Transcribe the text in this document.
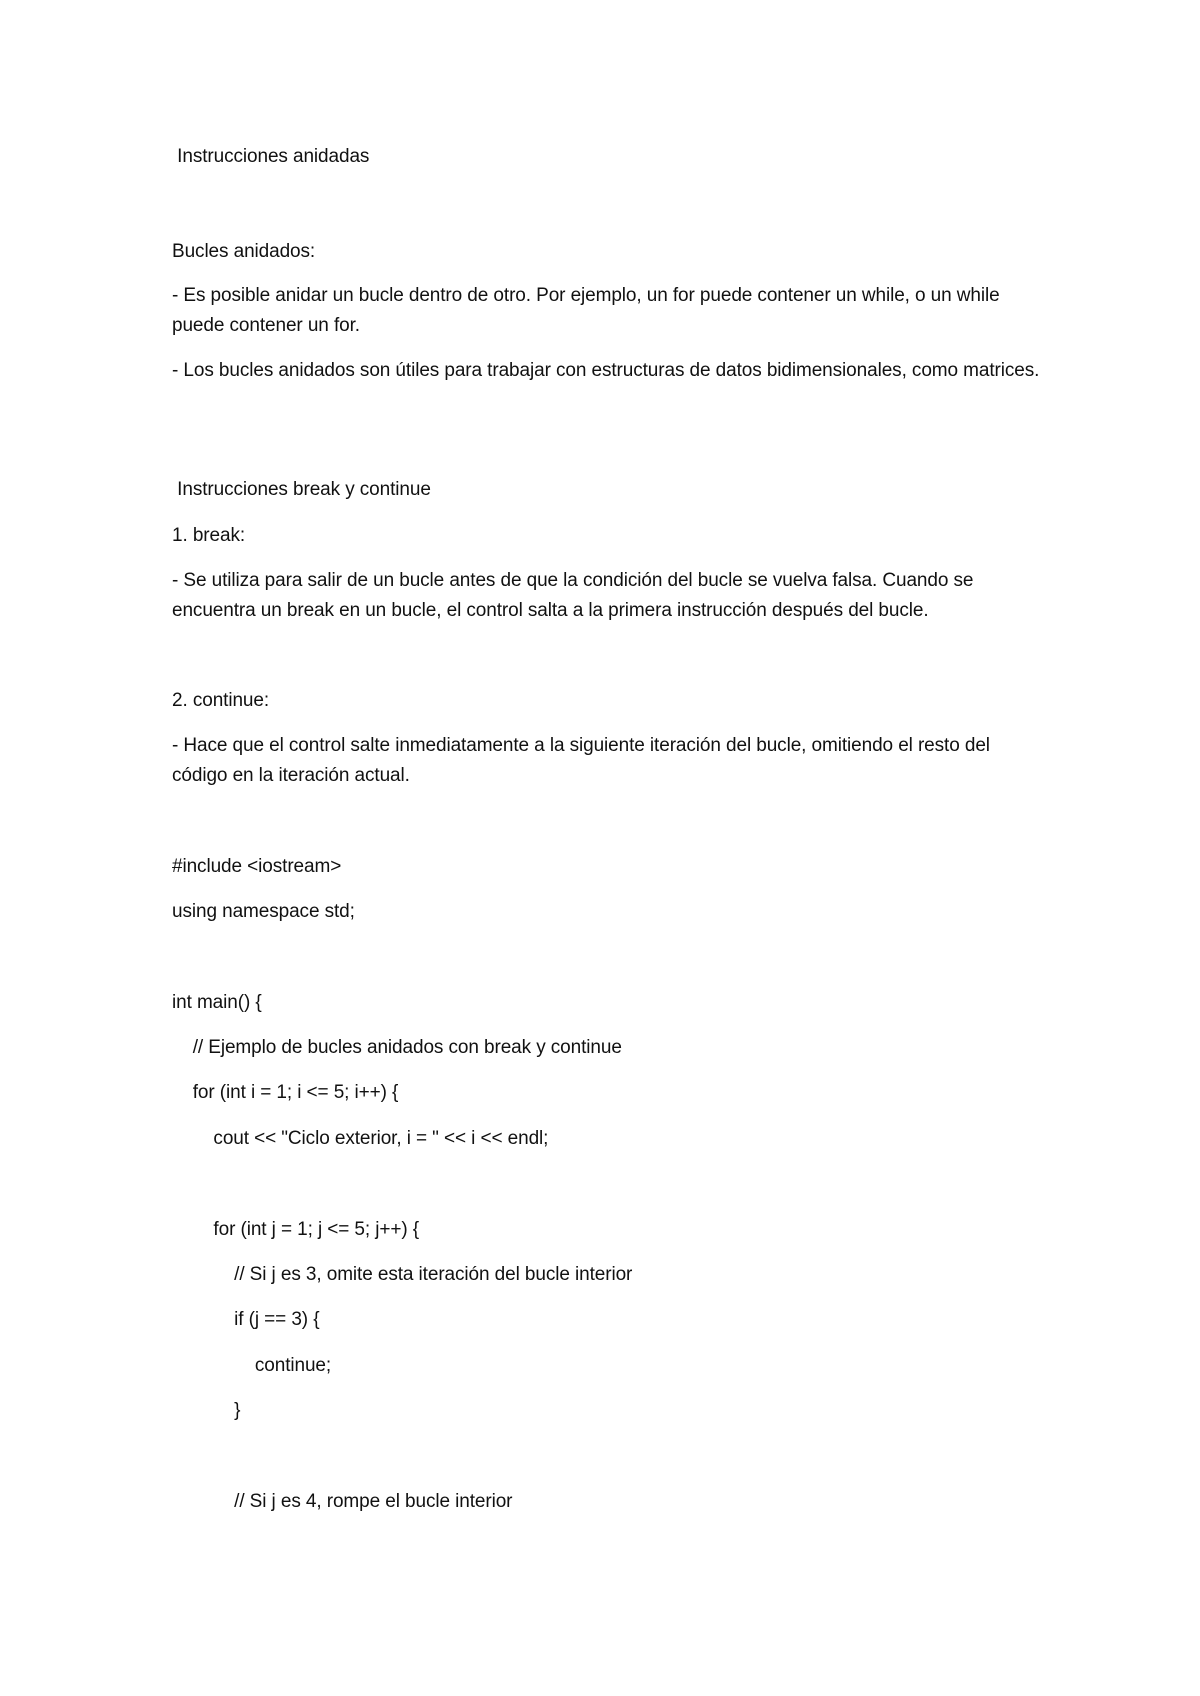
Instrucciones anidadas

Bucles anidados:

- Es posible anidar un bucle dentro de otro. Por ejemplo, un for puede contener un while, o un while puede contener un for.

- Los bucles anidados son útiles para trabajar con estructuras de datos bidimensionales, como matrices.

Instrucciones break y continue

1. break:

- Se utiliza para salir de un bucle antes de que la condición del bucle se vuelva falsa. Cuando se encuentra un break en un bucle, el control salta a la primera instrucción después del bucle.

2. continue:

- Hace que el control salte inmediatamente a la siguiente iteración del bucle, omitiendo el resto del código en la iteración actual.

#include <iostream>

using namespace std;

int main() {

// Ejemplo de bucles anidados con break y continue

for (int i = 1; i <= 5; i++) {

cout << "Ciclo exterior, i = " << i << endl;

for (int j = 1; j <= 5; j++) {

// Si j es 3, omite esta iteración del bucle interior

if (j == 3) {

continue;

}

// Si j es 4, rompe el bucle interior
